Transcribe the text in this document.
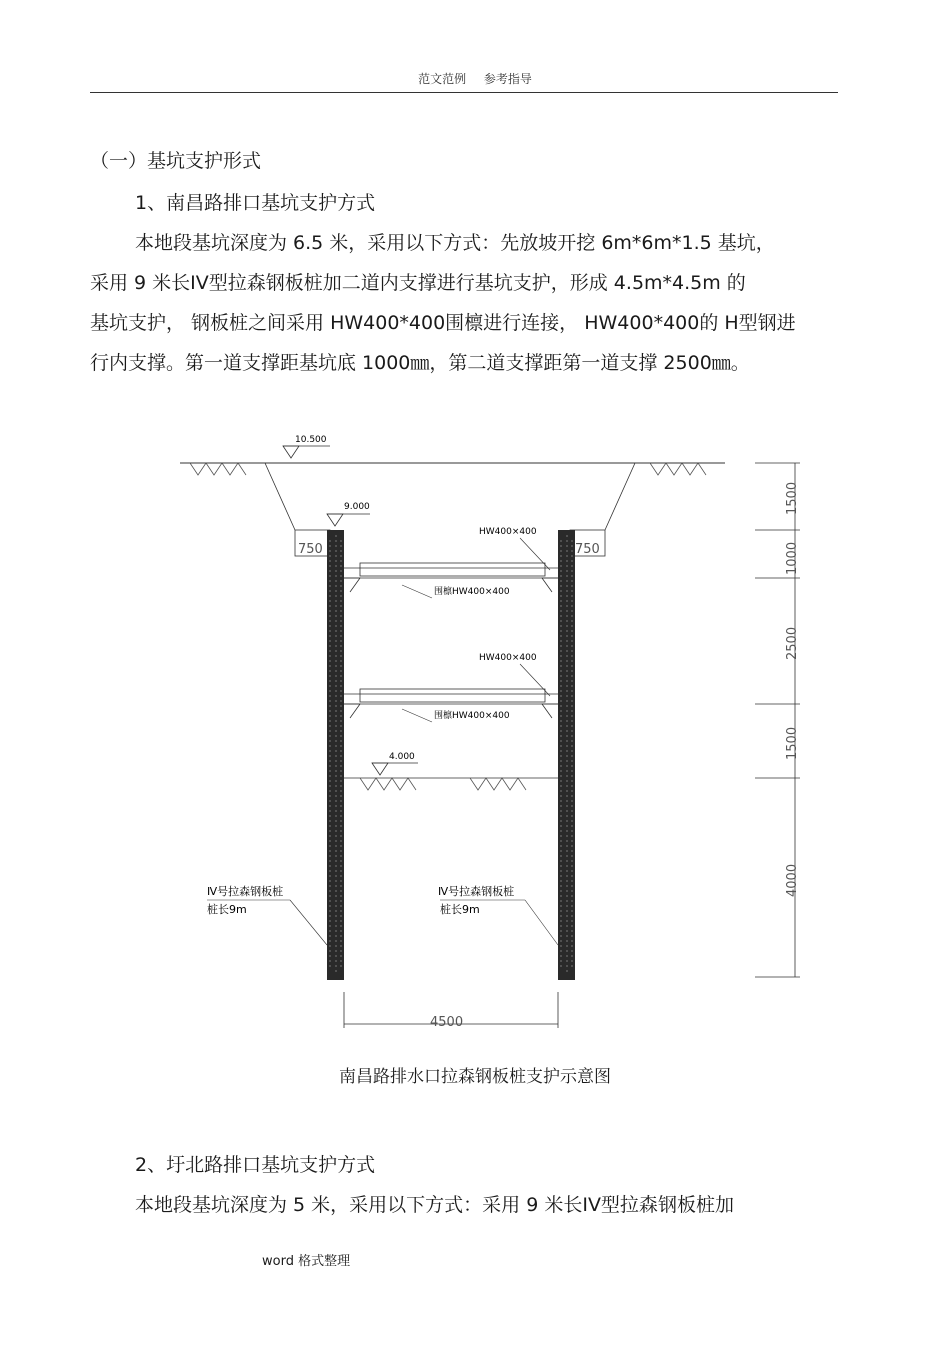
范文范例 参考指导
（一）基坑支护形式
1、南昌路排口基坑支护方式
本地段基坑深度为 6.5 米，采用以下方式：先放坡开挖 6m*6m*1.5 基坑，
采用 9 米长IV型拉森钢板桩加二道内支撑进行基坑支护，形成 4.5m*4.5m 的
基坑支护， 钢板桩之间采用 HW400*400围檩进行连接， HW400*400的 H型钢进
行内支撑。第一道支撑距基坑底 1000㎜，第二道支撑距第一道支撑 2500㎜。
10.500
750	750
9.000
HW400×400
围檩HW400×400
HW400×400
围檩HW400×400
4.000
Ⅳ号拉森钢板桩
桩长9m
Ⅳ号拉森钢板桩
桩长9m
1500
1000
2500
1500
4000
4500
南昌路排水口拉森钢板桩支护示意图
2、圩北路排口基坑支护方式
本地段基坑深度为 5 米，采用以下方式：采用 9 米长IV型拉森钢板桩加
word 格式整理
